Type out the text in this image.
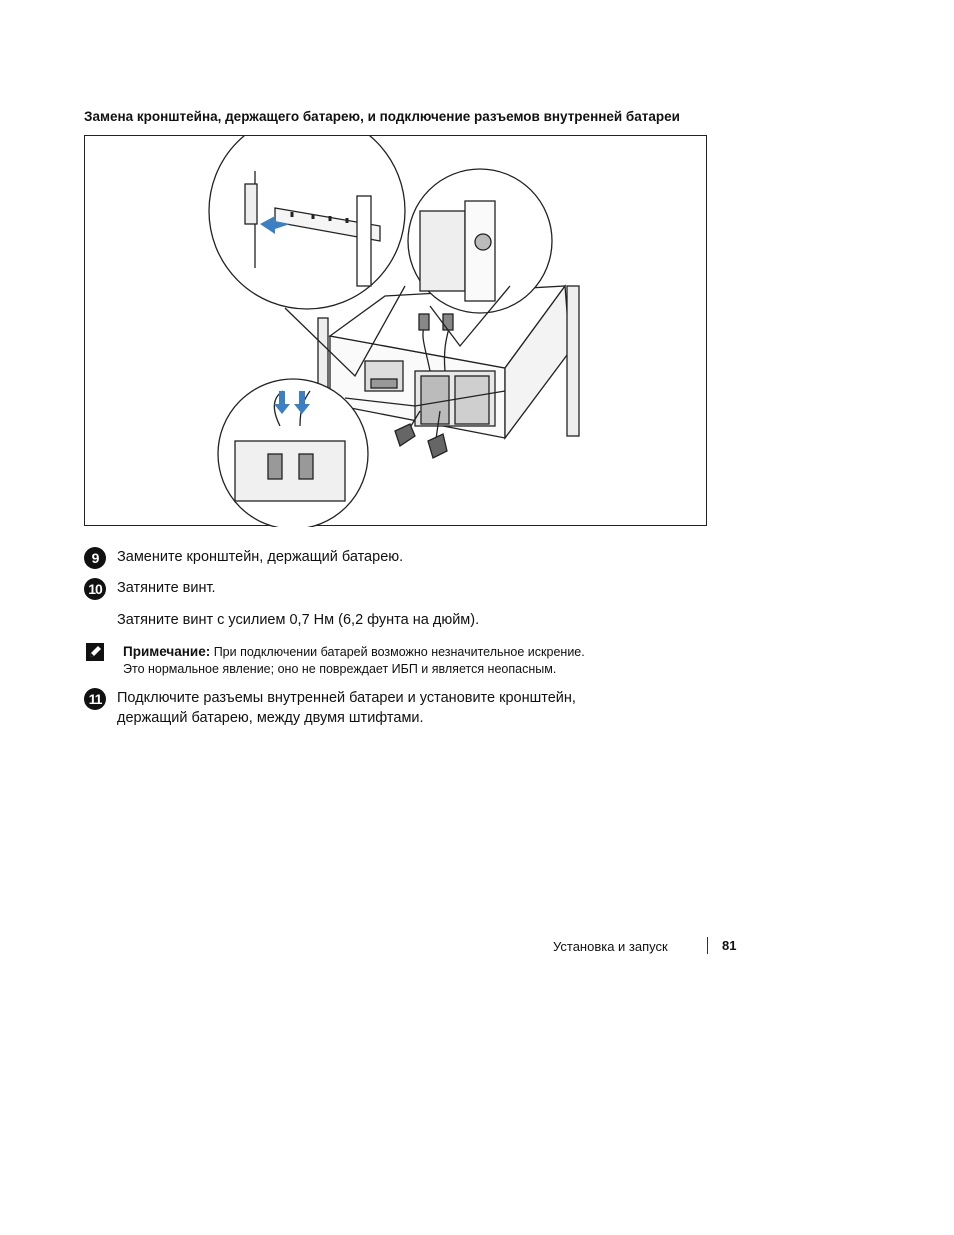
Замена кронштейна, держащего батарею, и подключение разъемов внутренней батареи
9	Замените кронштейн, держащий батарею.
10 Затяните винт.
Затяните винт с усилием 0,7 Нм (6,2 фунта на дюйм).
Примечание: При подключении батарей возможно незначительное искрение.
Это нормальное явление; оно не повреждает ИБП и является неопасным.
11	Подключите разъемы внутренней батареи и установите кронштейн,
держащий батарею, между двумя штифтами.
Установка и запуск	81
